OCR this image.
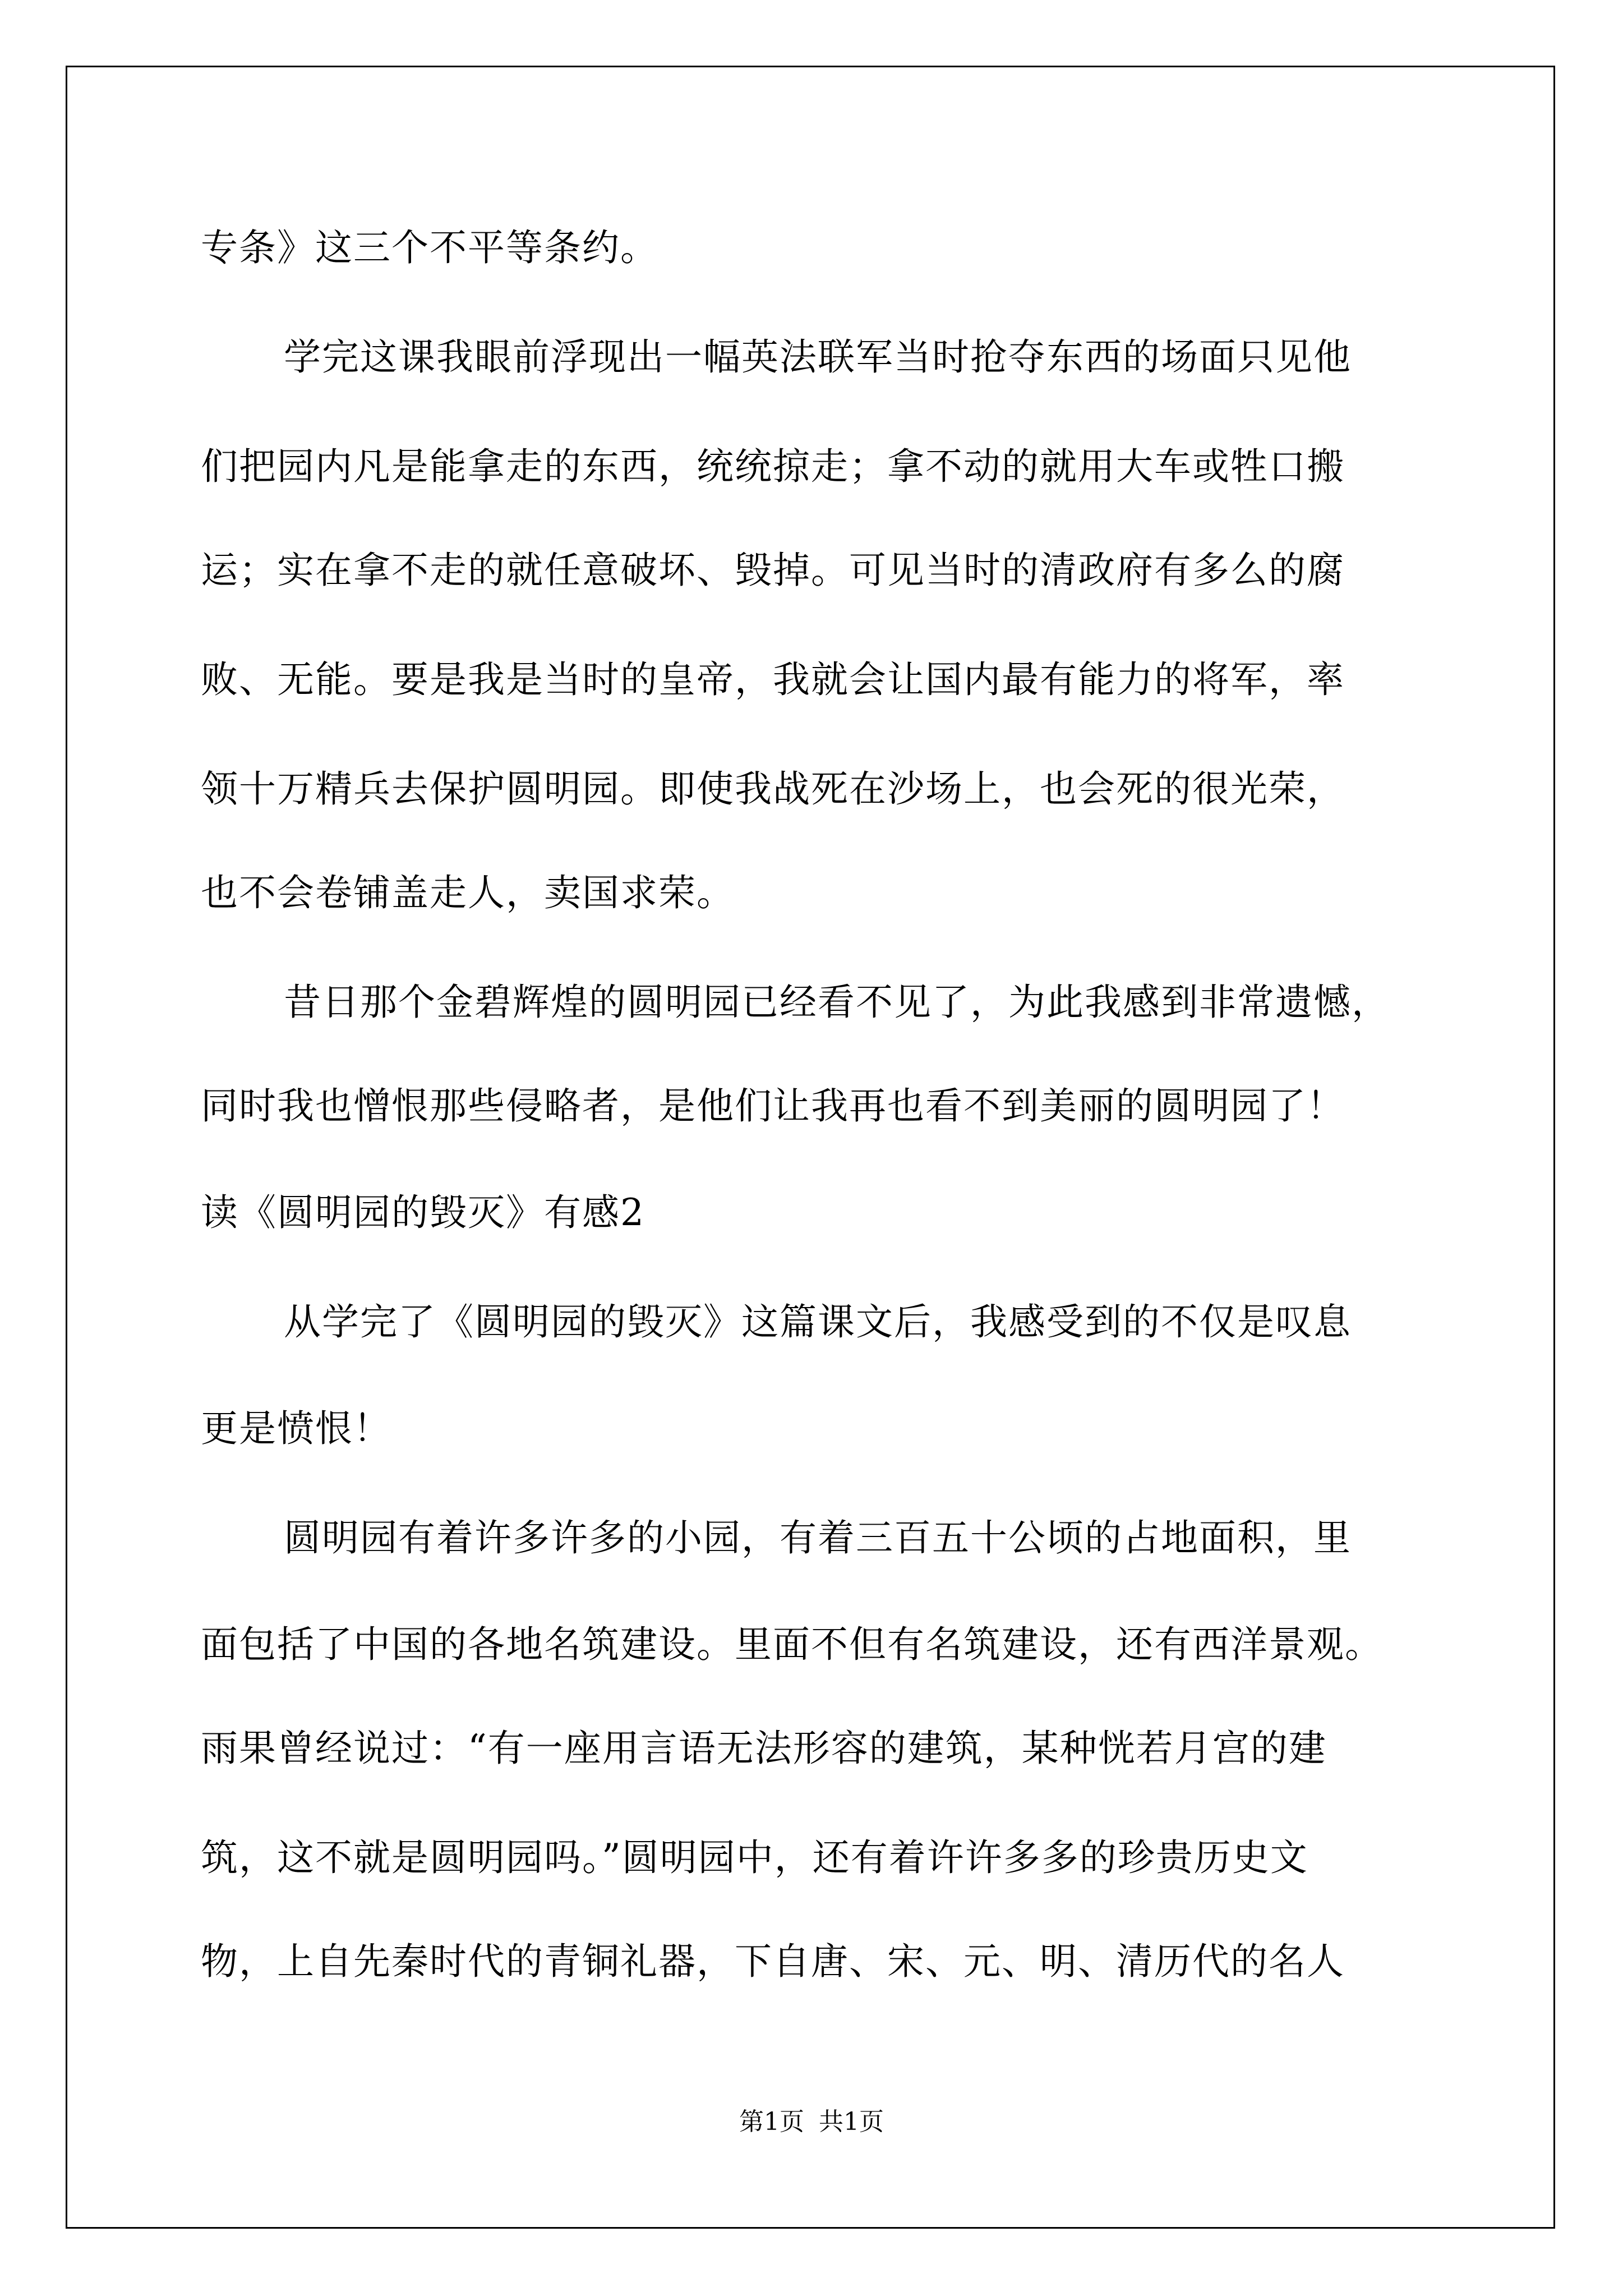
专条》这三个不平等条约。
学完这课我眼前浮现出一幅英法联军当时抢夺东西的场面只见他
们把园内凡是能拿走的东西，统统掠走；拿不动的就用大车或牲口搬
运；实在拿不走的就任意破坏、毁掉。可见当时的清政府有多么的腐
败、无能。要是我是当时的皇帝，我就会让国内最有能力的将军，率
领十万精兵去保护圆明园。即使我战死在沙场上，也会死的很光荣，
也不会卷铺盖走人，卖国求荣。
昔日那个金碧辉煌的圆明园已经看不见了，为此我感到非常遗憾，
同时我也憎恨那些侵略者，是他们让我再也看不到美丽的圆明园了！
读《圆明园的毁灭》有感2
从学完了《圆明园的毁灭》这篇课文后，我感受到的不仅是叹息
更是愤恨！
圆明园有着许多许多的小园，有着三百五十公顷的占地面积，里
面包括了中国的各地名筑建设。里面不但有名筑建设，还有西洋景观。
雨果曾经说过：“有一座用言语无法形容的建筑，某种恍若月宫的建
筑，这不就是圆明园吗。”圆明园中，还有着许许多多的珍贵历史文
物，上自先秦时代的青铜礼器，下自唐、宋、元、明、清历代的名人
第1页 共1页
